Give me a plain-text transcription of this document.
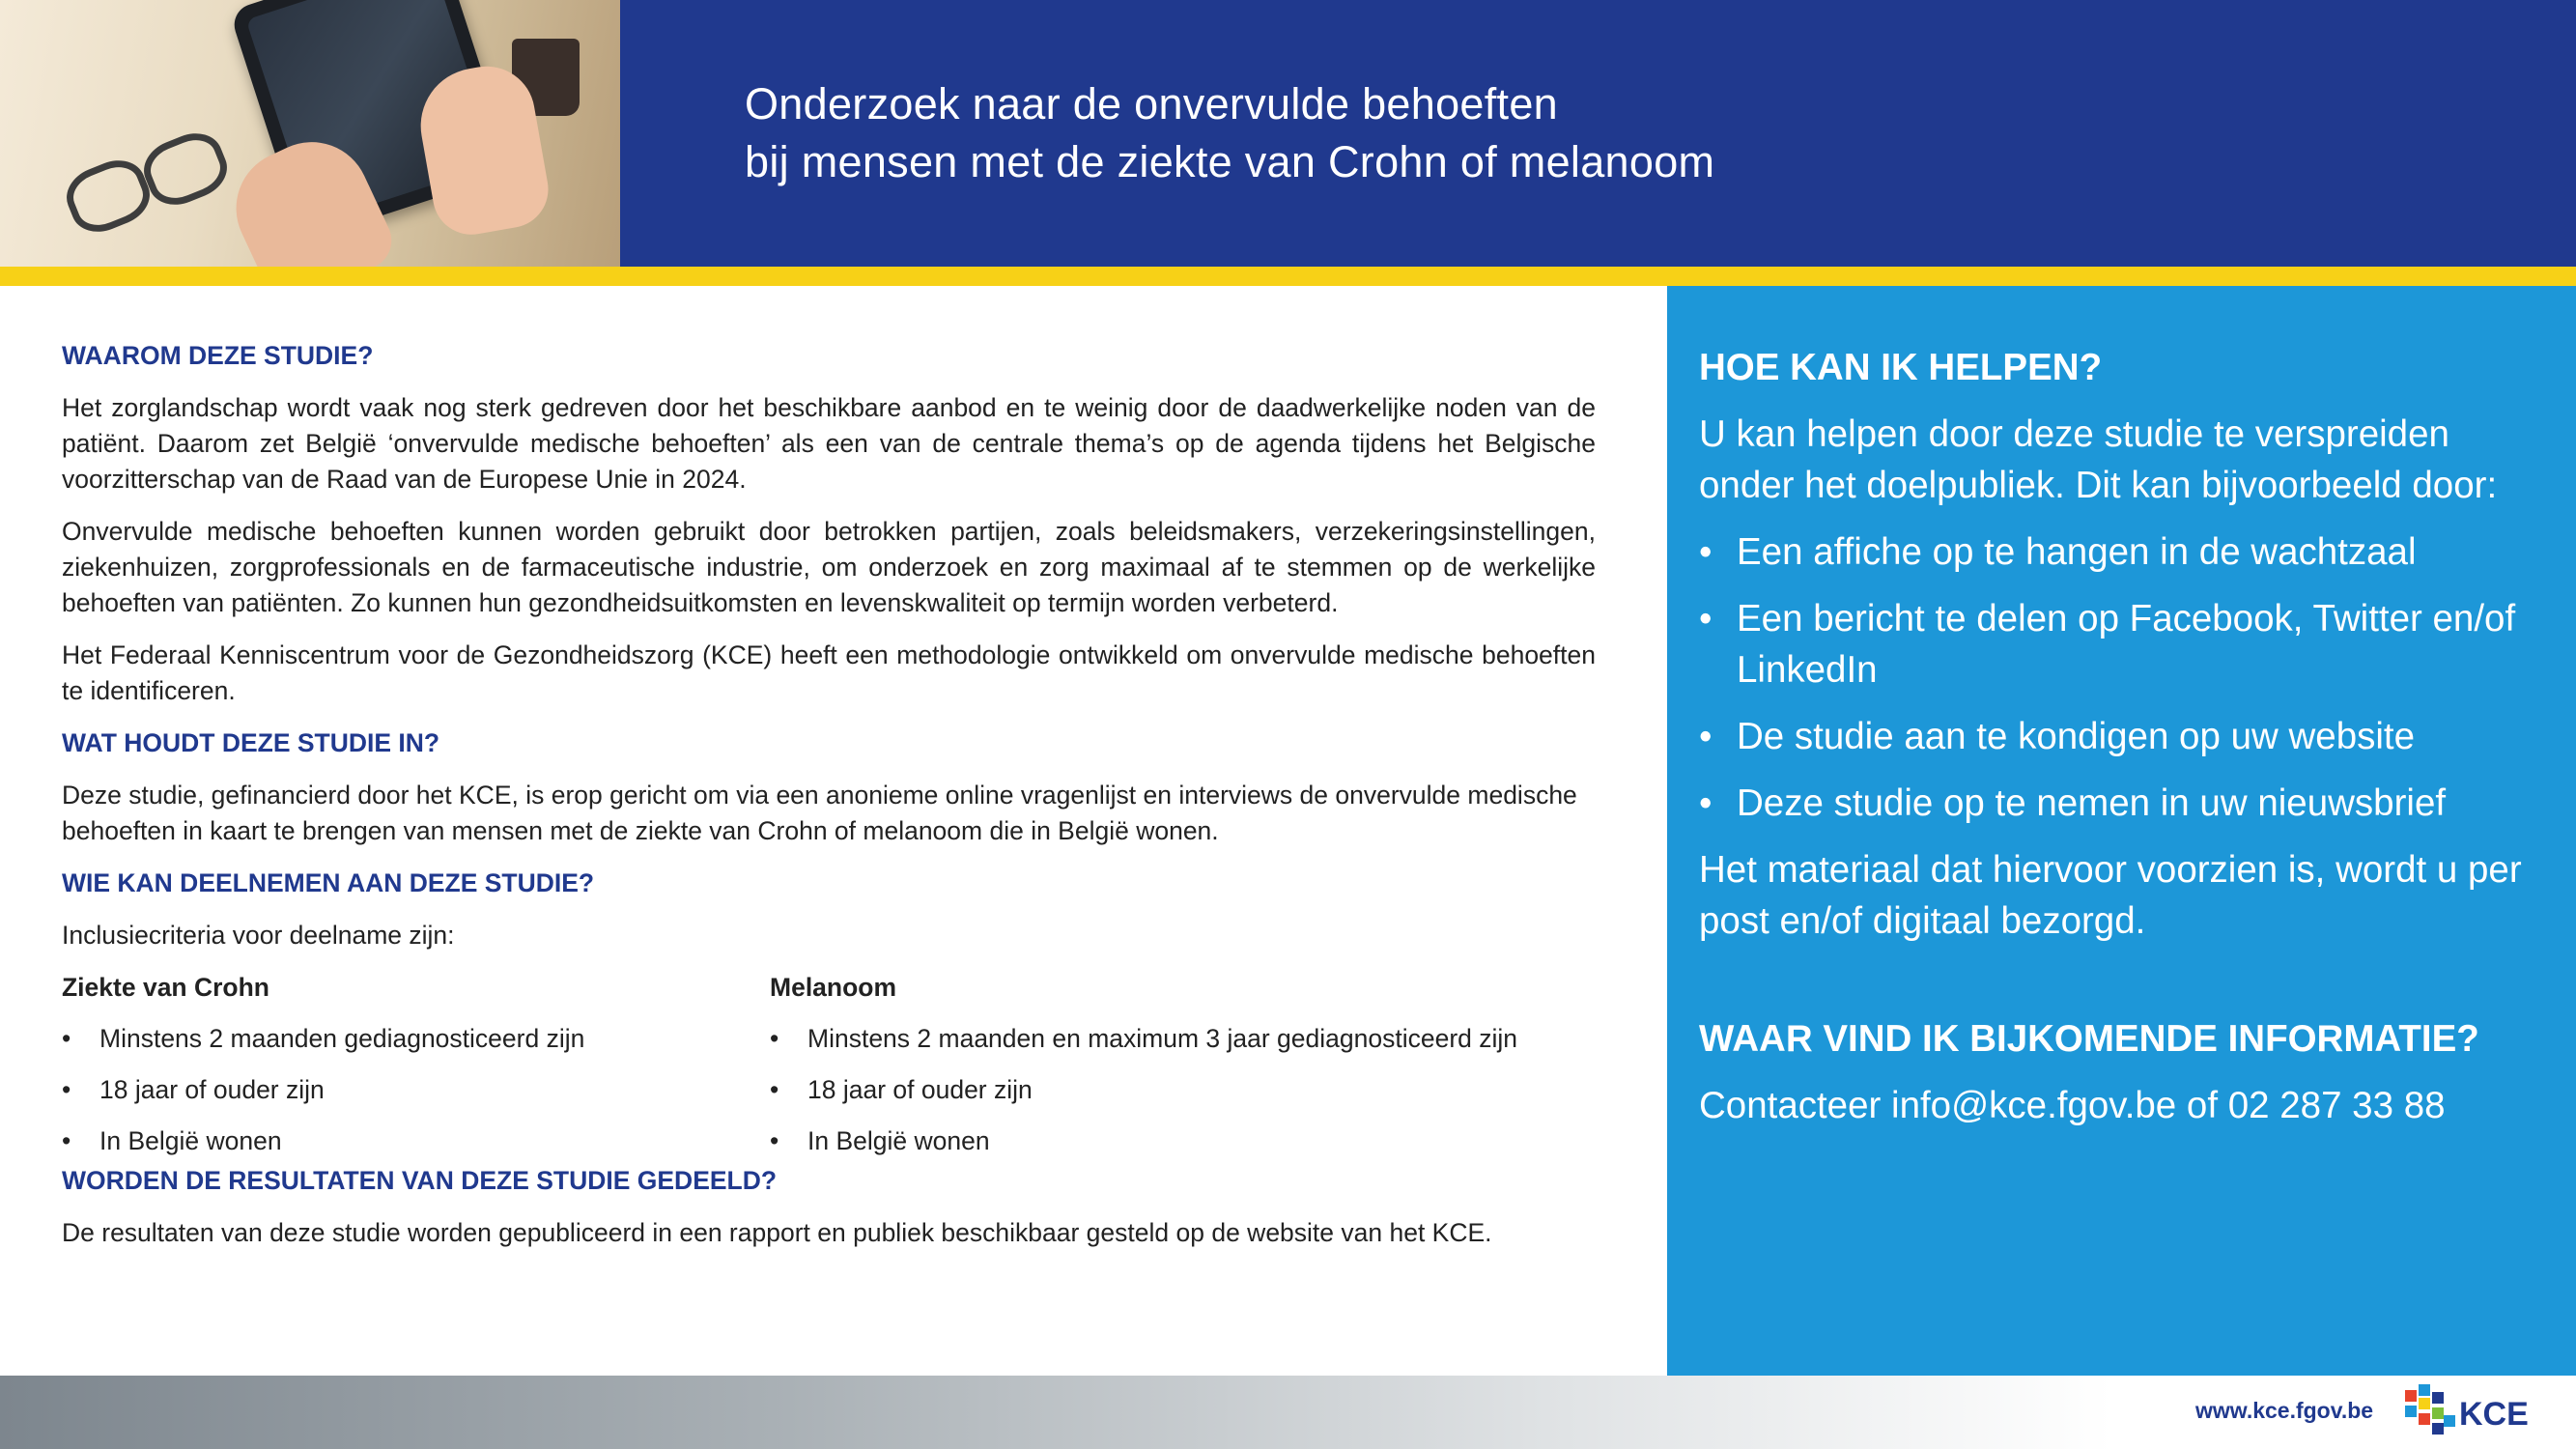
Onderzoek naar de onvervulde behoeften
bij mensen met de ziekte van Crohn of melanoom
WAAROM DEZE STUDIE?
Het zorglandschap wordt vaak nog sterk gedreven door het beschikbare aanbod en te weinig door de daadwerkelijke noden van de patiënt. Daarom zet België ‘onvervulde medische behoeften’ als een van de centrale thema’s op de agenda tijdens het Belgische voorzitterschap van de Raad van de Europese Unie in 2024.
Onvervulde medische behoeften kunnen worden gebruikt door betrokken partijen, zoals beleidsmakers, verzekeringsinstellingen, ziekenhuizen, zorgprofessionals en de farmaceutische industrie, om onderzoek en zorg maximaal af te stemmen op de werkelijke behoeften van patiënten. Zo kunnen hun gezondheidsuitkomsten en levenskwaliteit op termijn worden verbeterd.
Het Federaal Kenniscentrum voor de Gezondheidszorg (KCE) heeft een methodologie ontwikkeld om onvervulde medische behoeften te identificeren.
WAT HOUDT DEZE STUDIE IN?
Deze studie, gefinancierd door het KCE, is erop gericht om via een anonieme online vragenlijst en interviews de onvervulde medische behoeften in kaart te brengen van mensen met de ziekte van Crohn of melanoom die in België wonen.
WIE KAN DEELNEMEN AAN DEZE STUDIE?
Inclusiecriteria voor deelname zijn:
Ziekte van Crohn
• Minstens 2 maanden gediagnosticeerd zijn
• 18 jaar of ouder zijn
• In België wonen
Melanoom
• Minstens 2 maanden en maximum 3 jaar gediagnosticeerd zijn
• 18 jaar of ouder zijn
• In België wonen
WORDEN DE RESULTATEN VAN DEZE STUDIE GEDEELD?
De resultaten van deze studie worden gepubliceerd in een rapport en publiek beschikbaar gesteld op de website van het KCE.
HOE KAN IK HELPEN?
U kan helpen door deze studie te verspreiden onder het doelpubliek. Dit kan bijvoorbeeld door:
• Een affiche op te hangen in de wachtzaal
• Een bericht te delen op Facebook, Twitter en/of LinkedIn
• De studie aan te kondigen op uw website
• Deze studie op te nemen in uw nieuwsbrief
Het materiaal dat hiervoor voorzien is, wordt u per post en/of digitaal bezorgd.
WAAR VIND IK BIJKOMENDE INFORMATIE?
Contacteer info@kce.fgov.be of 02 287 33 88
www.kce.fgov.be	KCE
